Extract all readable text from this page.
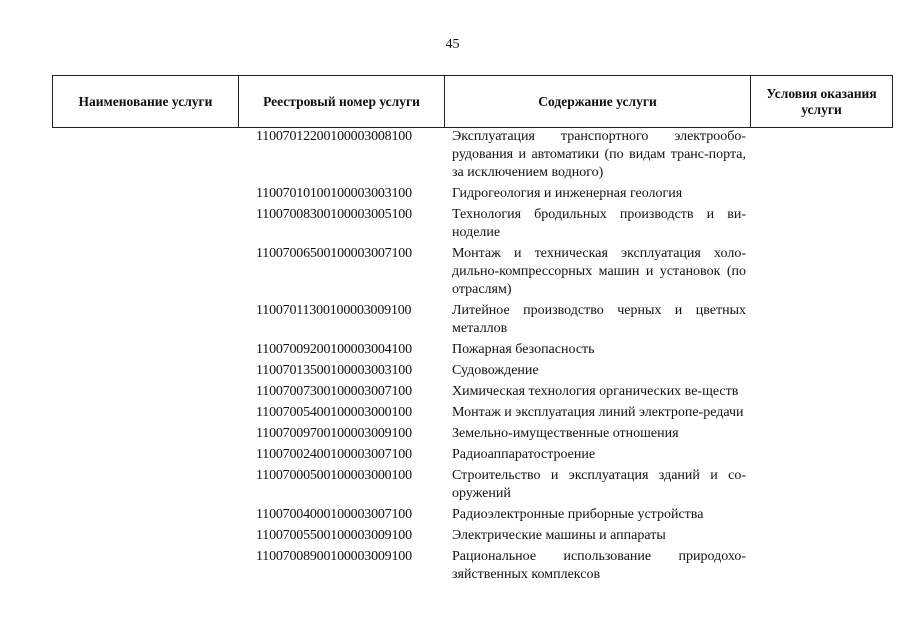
45
Наименование услуги	Реестровый номер услуги	Содержание услуги	Условия оказания услуги
11007012200100003008100	Эксплуатация транспортного электрообо-рудования и автоматики (по видам транс-порта, за исключением водного)
11007010100100003003100	Гидрогеология и инженерная геология
11007008300100003005100	Технология бродильных производств и ви-ноделие
11007006500100003007100	Монтаж и техническая эксплуатация холо-дильно-компрессорных машин и установок (по отраслям)
11007011300100003009100	Литейное производство черных и цветных металлов
11007009200100003004100	Пожарная безопасность
11007013500100003003100	Судовождение
11007007300100003007100	Химическая технология органических ве-ществ
11007005400100003000100	Монтаж и эксплуатация линий электропе-редачи
11007009700100003009100	Земельно-имущественные отношения
11007002400100003007100	Радиоаппаратостроение
11007000500100003000100	Строительство и эксплуатация зданий и со-оружений
11007004000100003007100	Радиоэлектронные приборные устройства
11007005500100003009100	Электрические машины и аппараты
11007008900100003009100	Рациональное использование природохо-зяйственных комплексов
